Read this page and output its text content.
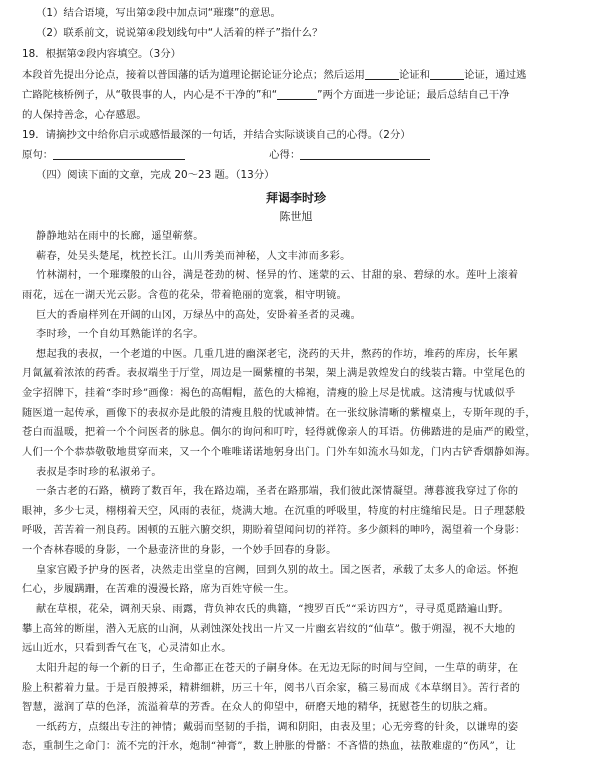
（1）结合语境，写出第②段中加点词“璀璨”的意思。
（2）联系前文，说说第④段划线句中“人活着的样子”指什么？
18．根据第②段内容填空。（3分）
本段首先提出分论点，接着以普国藩的话为道理论据论证分论点；然后运用	论证和	论证，通过逃
亡路陀核桥例子，从“敬畏事的人，内心是不干净的”和“	”两个方面进一步论证；最后总结自己干净
的人保持善念，心存感恩。
19．请摘抄文中给你启示或感悟最深的一句话，并结合实际谈谈自己的心得。（2分）
原句：	心得：
（四）阅读下面的文章，完成 20～23 题。（13分）
拜谒李时珍
陈世旭
静静地站在雨中的长廊，遥望蕲蔡。
蕲春，处吴头楚尾，枕控长江。山川秀美而神秘，人文丰沛而多彩。
竹林湖村，一个璀璨般的山谷，满是苍劲的树、怪异的竹、迷蒙的云、甘甜的泉、碧绿的水。莲叶上滚着
雨花，远在一湖天光云影。含苞的花朵，带着艳丽的宽裳，相守明镜。
巨大的香扇样列在开阔的山冈，万绿丛中的高处，安卧着圣者的灵魂。
李时珍，一个自幼耳熟能详的名字。
想起我的表叔，一个老道的中医。几重几进的幽深老宅，浇药的天井，熬药的作坊，堆药的库房，长年累
月氤氲着浓浓的药香。表叔端坐于厅堂，周边是一圈紫檀的书架，架上满是敦煌发白的线装古籍。中堂尾色的
金字招牌下，挂着“李时珍”画像：褐色的高帽帽，蓝色的大棉袍，清瘦的脸上尽是忧戚。这清瘦与忧戚似乎
随医道一起传承，画像下的表叔亦是此般的清瘦且般的忧戚神情。在一张纹脉清晰的紫檀桌上，专斯年现的手，
苍白而温暖，把着一个个问医者的脉息。偶尔的询问和叮咛，轻得就像亲人的耳语。仿佛踏进的是庙严的殿堂，
人们一个个恭恭敬敬地贯穿而来，又一个个唯唯诺诺地躬身出门。门外车如流水马如龙，门内古铲香烟静如海。
表叔是李时珍的私淑弟子。
一条古老的石路，横跨了数百年，我在路边端，圣者在路那端，我们彼此深情凝望。薄暮渡我穿过了你的
眼神，多少七灵，栩栩着天空，风雨的表征，烧满大地。在沉重的呼吸里，特度的村庄缝缩民是。日子理瑟般
呼吸，苦苦着一剂良药。困顿的五脏六腑交织，期盼着望闻问切的祥符。多少颜料的呻吟，渴望着一个身影：
一个杏林春暖的身影，一个悬壶济世的身影，一个妙手回春的身影。
皇家宫殿予护身的医者，决然走出堂皇的宫阙，回到久别的故土。国之医者，承载了太多人的命运。怀抱
仁心，步履蹒跚，在苦难的漫漫长路，席为百姓守候一生。
献在草根，花朵，调剂天泉、雨露，背负神农氏的典籍，“搜罗百氏”“采访四方”，寻寻觅觅踏遍山野。
攀上高耸的断崖，潜入无底的山涧，从剥蚀深处找出一片又一片幽玄岩纹的“仙草”。傲于朔湿，视不大地的
远山近水，只看到香气在飞，心灵清如止水。
太阳升起的每一个新的日子，生命都正在苍天的子嗣身体。在无边无际的时间与空间，一生草的萌芽，在
脸上积蓄着力量。于是百般搏采，精耕细耕，历三十年，阅书八百余家，稿三易而成《本草纲目》。苦行者的
智慧，滋润了草的色泽，流溢着草的芳香。在众人的仰望中，研磨天地的精华，抚慰苍生的切肤之痛。
一纸药方，点缀出专注的神情；戴弱而坚韧的手指，调和阴阳，由表及里；心无旁骛的针灸，以谦卑的姿
态，重制生之命门：流不完的汗水，炮制“神膏”，数上肿胀的骨骼：不吝惜的热血，祛散难虚的“伤风”，让
